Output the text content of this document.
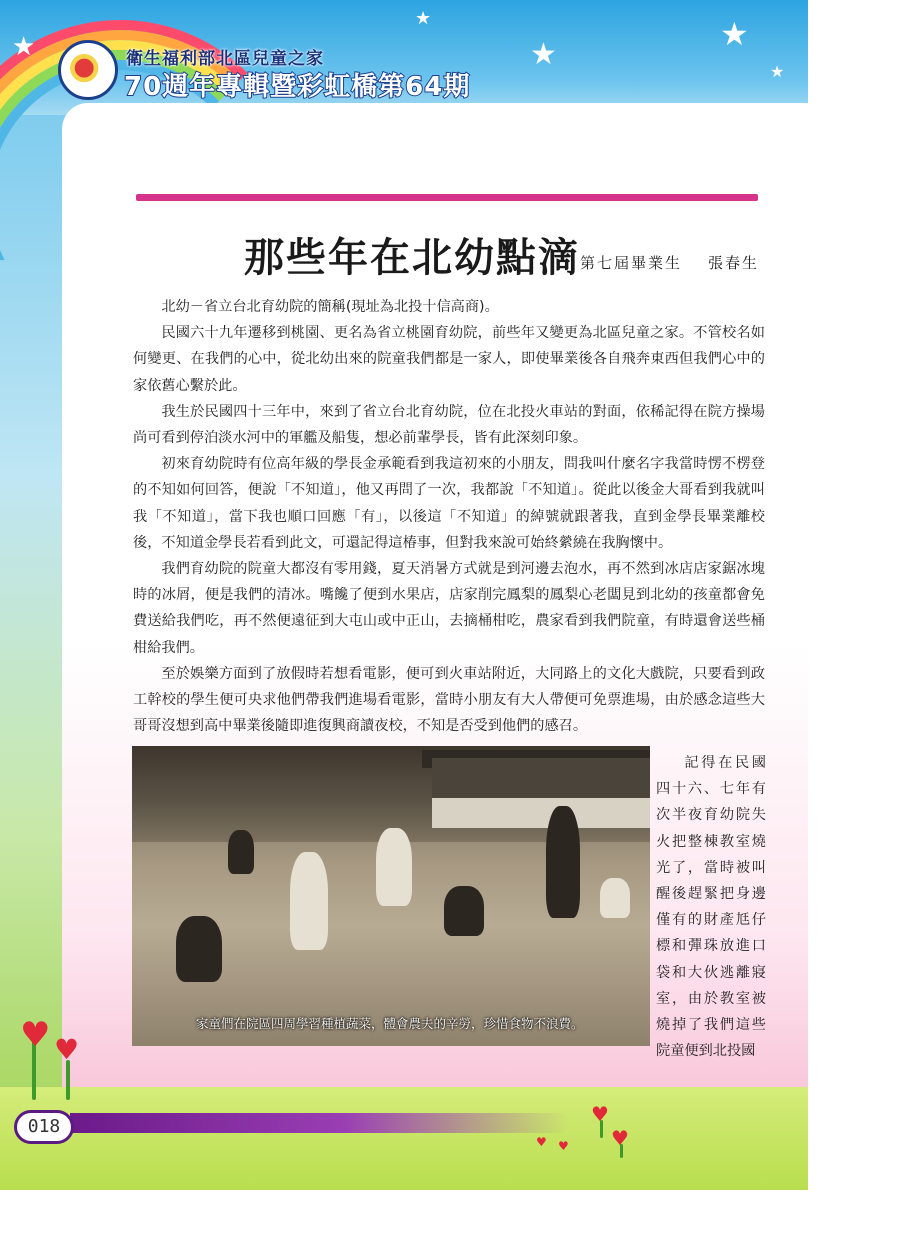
★
★
★
★
★
衛生福利部北區兒童之家
70週年專輯暨彩虹橋第64期
那些年在北幼點滴 第七屆畢業生 張春生

北幼－省立台北育幼院的簡稱(現址為北投十信高商)。

民國六十九年遷移到桃園、更名為省立桃園育幼院，前些年又變更為北區兒童之家。不管校名如何變更、在我們的心中，從北幼出來的院童我們都是一家人，即使畢業後各自飛奔東西但我們心中的家依舊心繫於此。

我生於民國四十三年中，來到了省立台北育幼院，位在北投火車站的對面，依稀記得在院方操場尚可看到停泊淡水河中的軍艦及船隻，想必前輩學長，皆有此深刻印象。

初來育幼院時有位高年級的學長金承範看到我這初來的小朋友，問我叫什麼名字我當時愣不楞登的不知如何回答，便說「不知道」，他又再問了一次，我都說「不知道」。從此以後金大哥看到我就叫我「不知道」，當下我也順口回應「有」，以後這「不知道」的綽號就跟著我，直到金學長畢業離校後，不知道金學長若看到此文，可還記得這椿事，但對我來說可始終縈繞在我胸懷中。

我們育幼院的院童大都沒有零用錢，夏天消暑方式就是到河邊去泡水，再不然到冰店店家鋸冰塊時的冰屑，便是我們的清冰。嘴饞了便到水果店，店家削完鳳梨的鳳梨心老闆見到北幼的孩童都會免費送給我們吃，再不然便遠征到大屯山或中正山，去摘桶柑吃，農家看到我們院童，有時還會送些桶柑給我們。

至於娛樂方面到了放假時若想看電影，便可到火車站附近，大同路上的文化大戲院，只要看到政工幹校的學生便可央求他們帶我們進場看電影，當時小朋友有大人帶便可免票進場，由於感念這些大哥哥沒想到高中畢業後隨即進復興商讀夜校，不知是否受到他們的感召。

家童們在院區四周學習種植蔬菜，體會農夫的辛勞，珍惜食物不浪費。

記得在民國四十六、七年有次半夜育幼院失火把整棟教室燒光了，當時被叫醒後趕緊把身邊僅有的財產尪仔標和彈珠放進口袋和大伙逃離寢室，由於教室被燒掉了我們這些院童便到北投國

018
♥ ♥
♥
♥
♥ ♥
